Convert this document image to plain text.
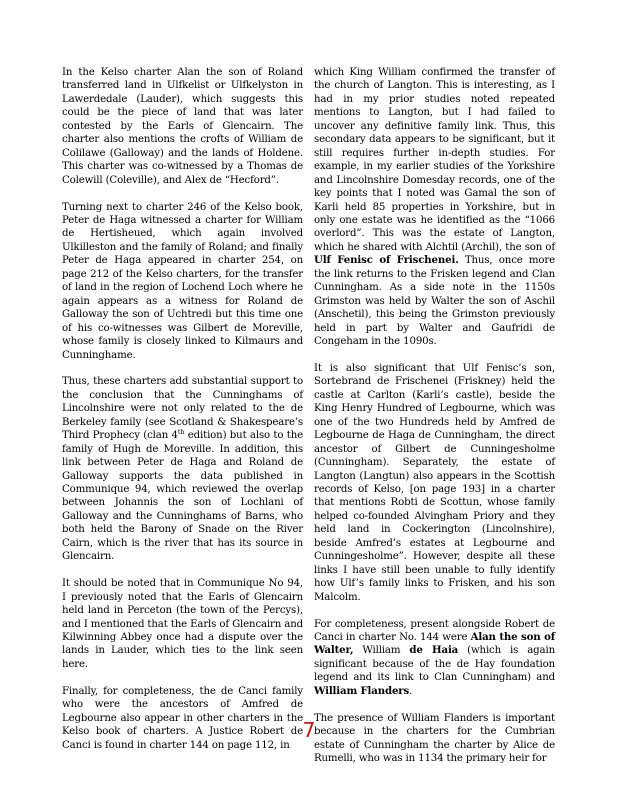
In the Kelso charter Alan the son of Roland transferred land in Ulfkelist or Ulfkelyston in Lawerdedale (Lauder), which suggests this could be the piece of land that was later contested by the Earls of Glencairn. The charter also mentions the crofts of William de Colilawe (Galloway) and the lands of Holdene. This charter was co-witnessed by a Thomas de Colewill (Coleville), and Alex de “Hecford”.

Turning next to charter 246 of the Kelso book, Peter de Haga witnessed a charter for William de Hertisheued, which again involved Ulkilleston and the family of Roland; and finally Peter de Haga appeared in charter 254, on page 212 of the Kelso charters, for the transfer of land in the region of Lochend Loch where he again appears as a witness for Roland de Galloway the son of Uchtredi but this time one of his co-witnesses was Gilbert de Moreville, whose family is closely linked to Kilmaurs and Cunninghame.

Thus, these charters add substantial support to the conclusion that the Cunninghams of Lincolnshire were not only related to the de Berkeley family (see Scotland & Shakespeare’s Third Prophecy (clan 4th edition) but also to the family of Hugh de Moreville. In addition, this link between Peter de Haga and Roland de Galloway supports the data published in Communique 94, which reviewed the overlap between Johannis the son of Lochlani of Galloway and the Cunninghams of Barns, who both held the Barony of Snade on the River Cairn, which is the river that has its source in Glencairn.

It should be noted that in Communique No 94, I previously noted that the Earls of Glencairn held land in Perceton (the town of the Percys), and I mentioned that the Earls of Glencairn and Kilwinning Abbey once had a dispute over the lands in Lauder, which ties to the link seen here.

Finally, for completeness, the de Canci family who were the ancestors of Amfred de Legbourne also appear in other charters in the Kelso book of charters. A Justice Robert de Canci is found in charter 144 on page 112, in

which King William confirmed the transfer of the church of Langton. This is interesting, as I had in my prior studies noted repeated mentions to Langton, but I had failed to uncover any definitive family link. Thus, this secondary data appears to be significant, but it still requires further in-depth studies. For example, in my earlier studies of the Yorkshire and Lincolnshire Domesday records, one of the key points that I noted was Gamal the son of Karli held 85 properties in Yorkshire, but in only one estate was he identified as the “1066 overlord”. This was the estate of Langton, which he shared with Alchtil (Archil), the son of Ulf Fenisc of Frischenei. Thus, once more the link returns to the Frisken legend and Clan Cunningham. As a side note in the 1150s Grimston was held by Walter the son of Aschil (Anschetil), this being the Grimston previously held in part by Walter and Gaufridi de Congeham in the 1090s.

It is also significant that Ulf Fenisc’s son, Sortebrand de Frischenei (Friskney) held the castle at Carlton (Karli’s castle), beside the King Henry Hundred of Legbourne, which was one of the two Hundreds held by Amfred de Legbourne de Haga de Cunningham, the direct ancestor of Gilbert de Cunningesholme (Cunningham). Separately, the estate of Langton (Langtun) also appears in the Scottish records of Kelso, [on page 193] in a charter that mentions Robti de Scottun, whose family helped co-founded Alvingham Priory and they held land in Cockerington (Lincolnshire), beside Amfred’s estates at Legbourne and Cunningesholme”. However, despite all these links I have still been unable to fully identify how Ulf’s family links to Frisken, and his son Malcolm.

For completeness, present alongside Robert de Canci in charter No. 144 were Alan the son of Walter, William de Haia (which is again significant because of the de Hay foundation legend and its link to Clan Cunningham) and William Flanders.

The presence of William Flanders is important because in the charters for the Cumbrian estate of Cunningham the charter by Alice de Rumelli, who was in 1134 the primary heir for

7
